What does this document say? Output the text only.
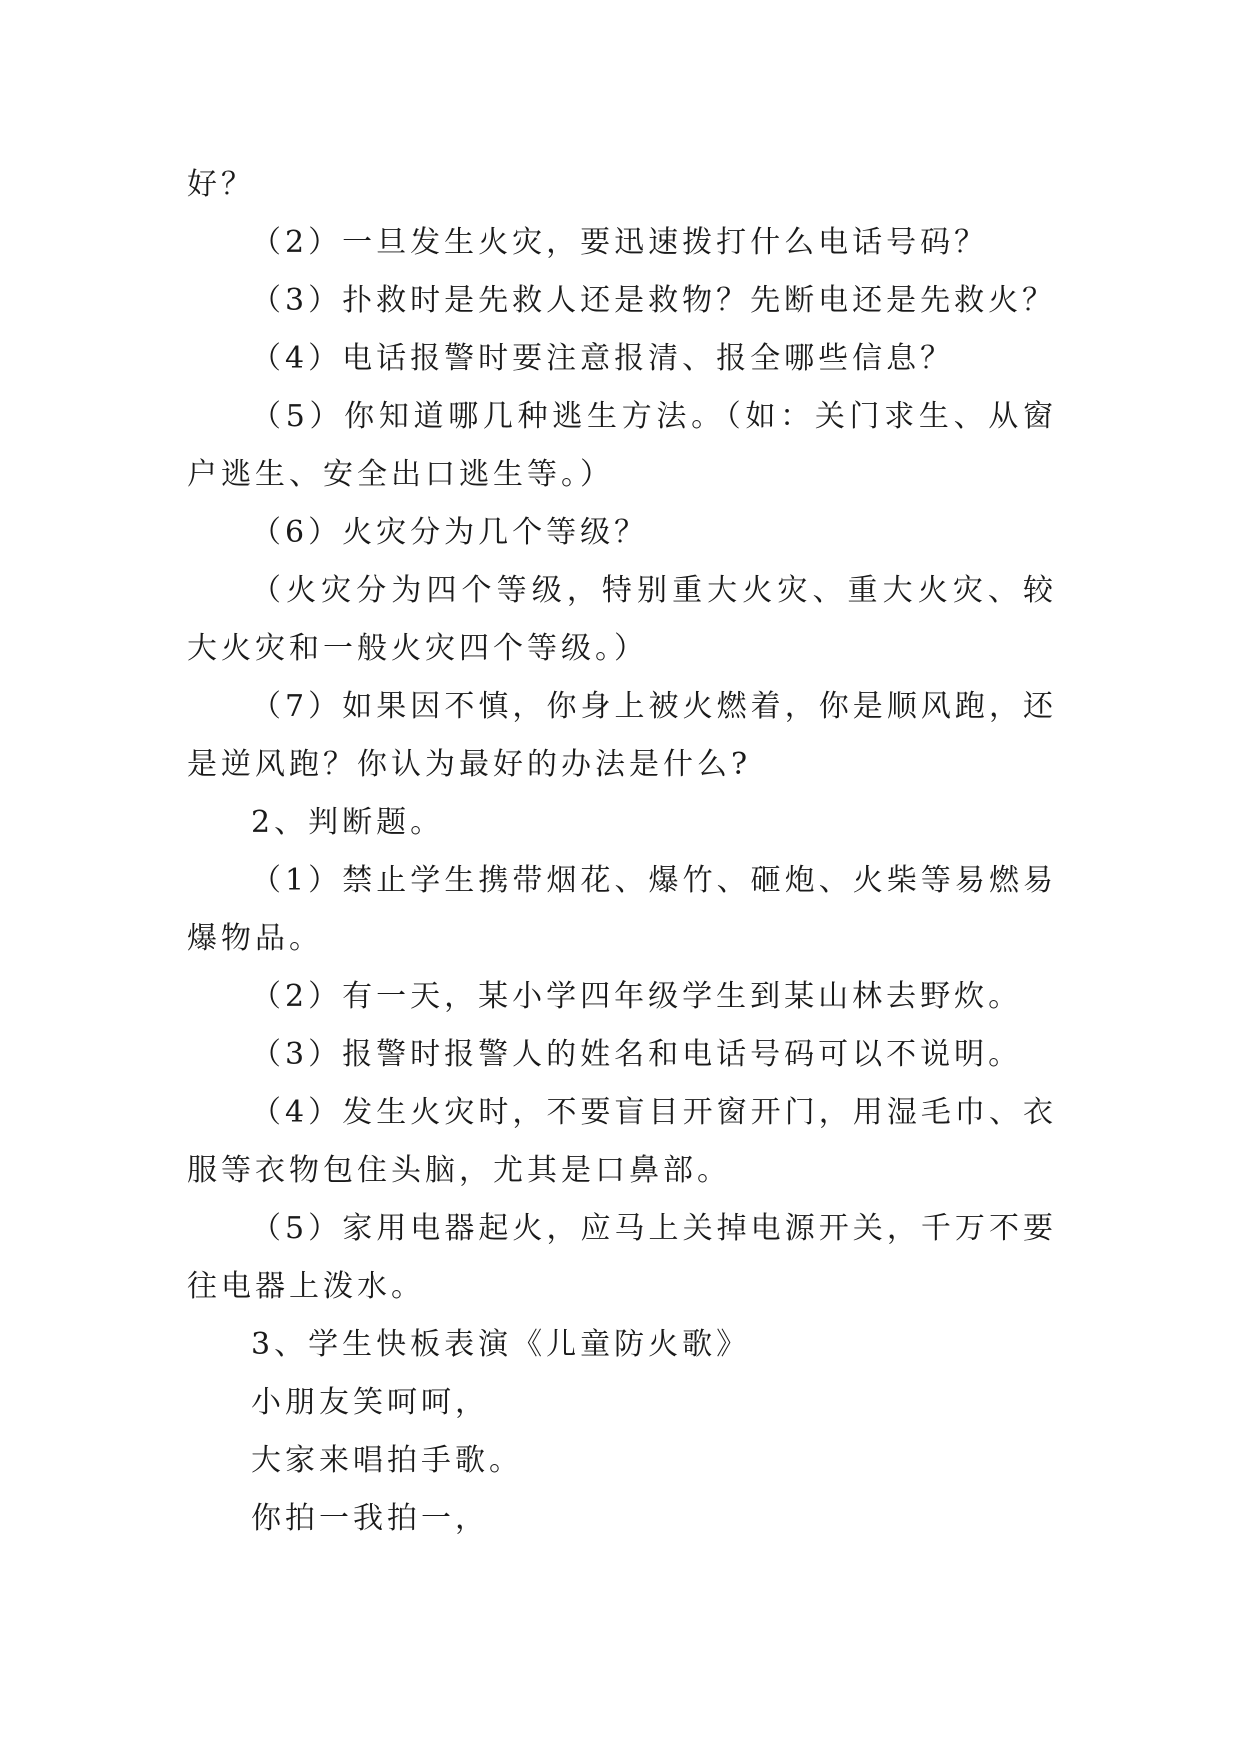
好？

（2）一旦发生火灾，要迅速拨打什么电话号码？

（3）扑救时是先救人还是救物？先断电还是先救火？

（4）电话报警时要注意报清、报全哪些信息？

（5）你知道哪几种逃生方法。（如：关门求生、从窗户逃生、安全出口逃生等。）

（6）火灾分为几个等级？

（火灾分为四个等级，特别重大火灾、重大火灾、较大火灾和一般火灾四个等级。）

（7）如果因不慎，你身上被火燃着，你是顺风跑，还是逆风跑？你认为最好的办法是什么?

2、判断题。

（1）禁止学生携带烟花、爆竹、砸炮、火柴等易燃易爆物品。

（2）有一天，某小学四年级学生到某山林去野炊。

（3）报警时报警人的姓名和电话号码可以不说明。

（4）发生火灾时，不要盲目开窗开门，用湿毛巾、衣服等衣物包住头脑，尤其是口鼻部。

（5）家用电器起火，应马上关掉电源开关，千万不要往电器上泼水。

3、学生快板表演《儿童防火歌》

小朋友笑呵呵，

大家来唱拍手歌。

你拍一我拍一，
